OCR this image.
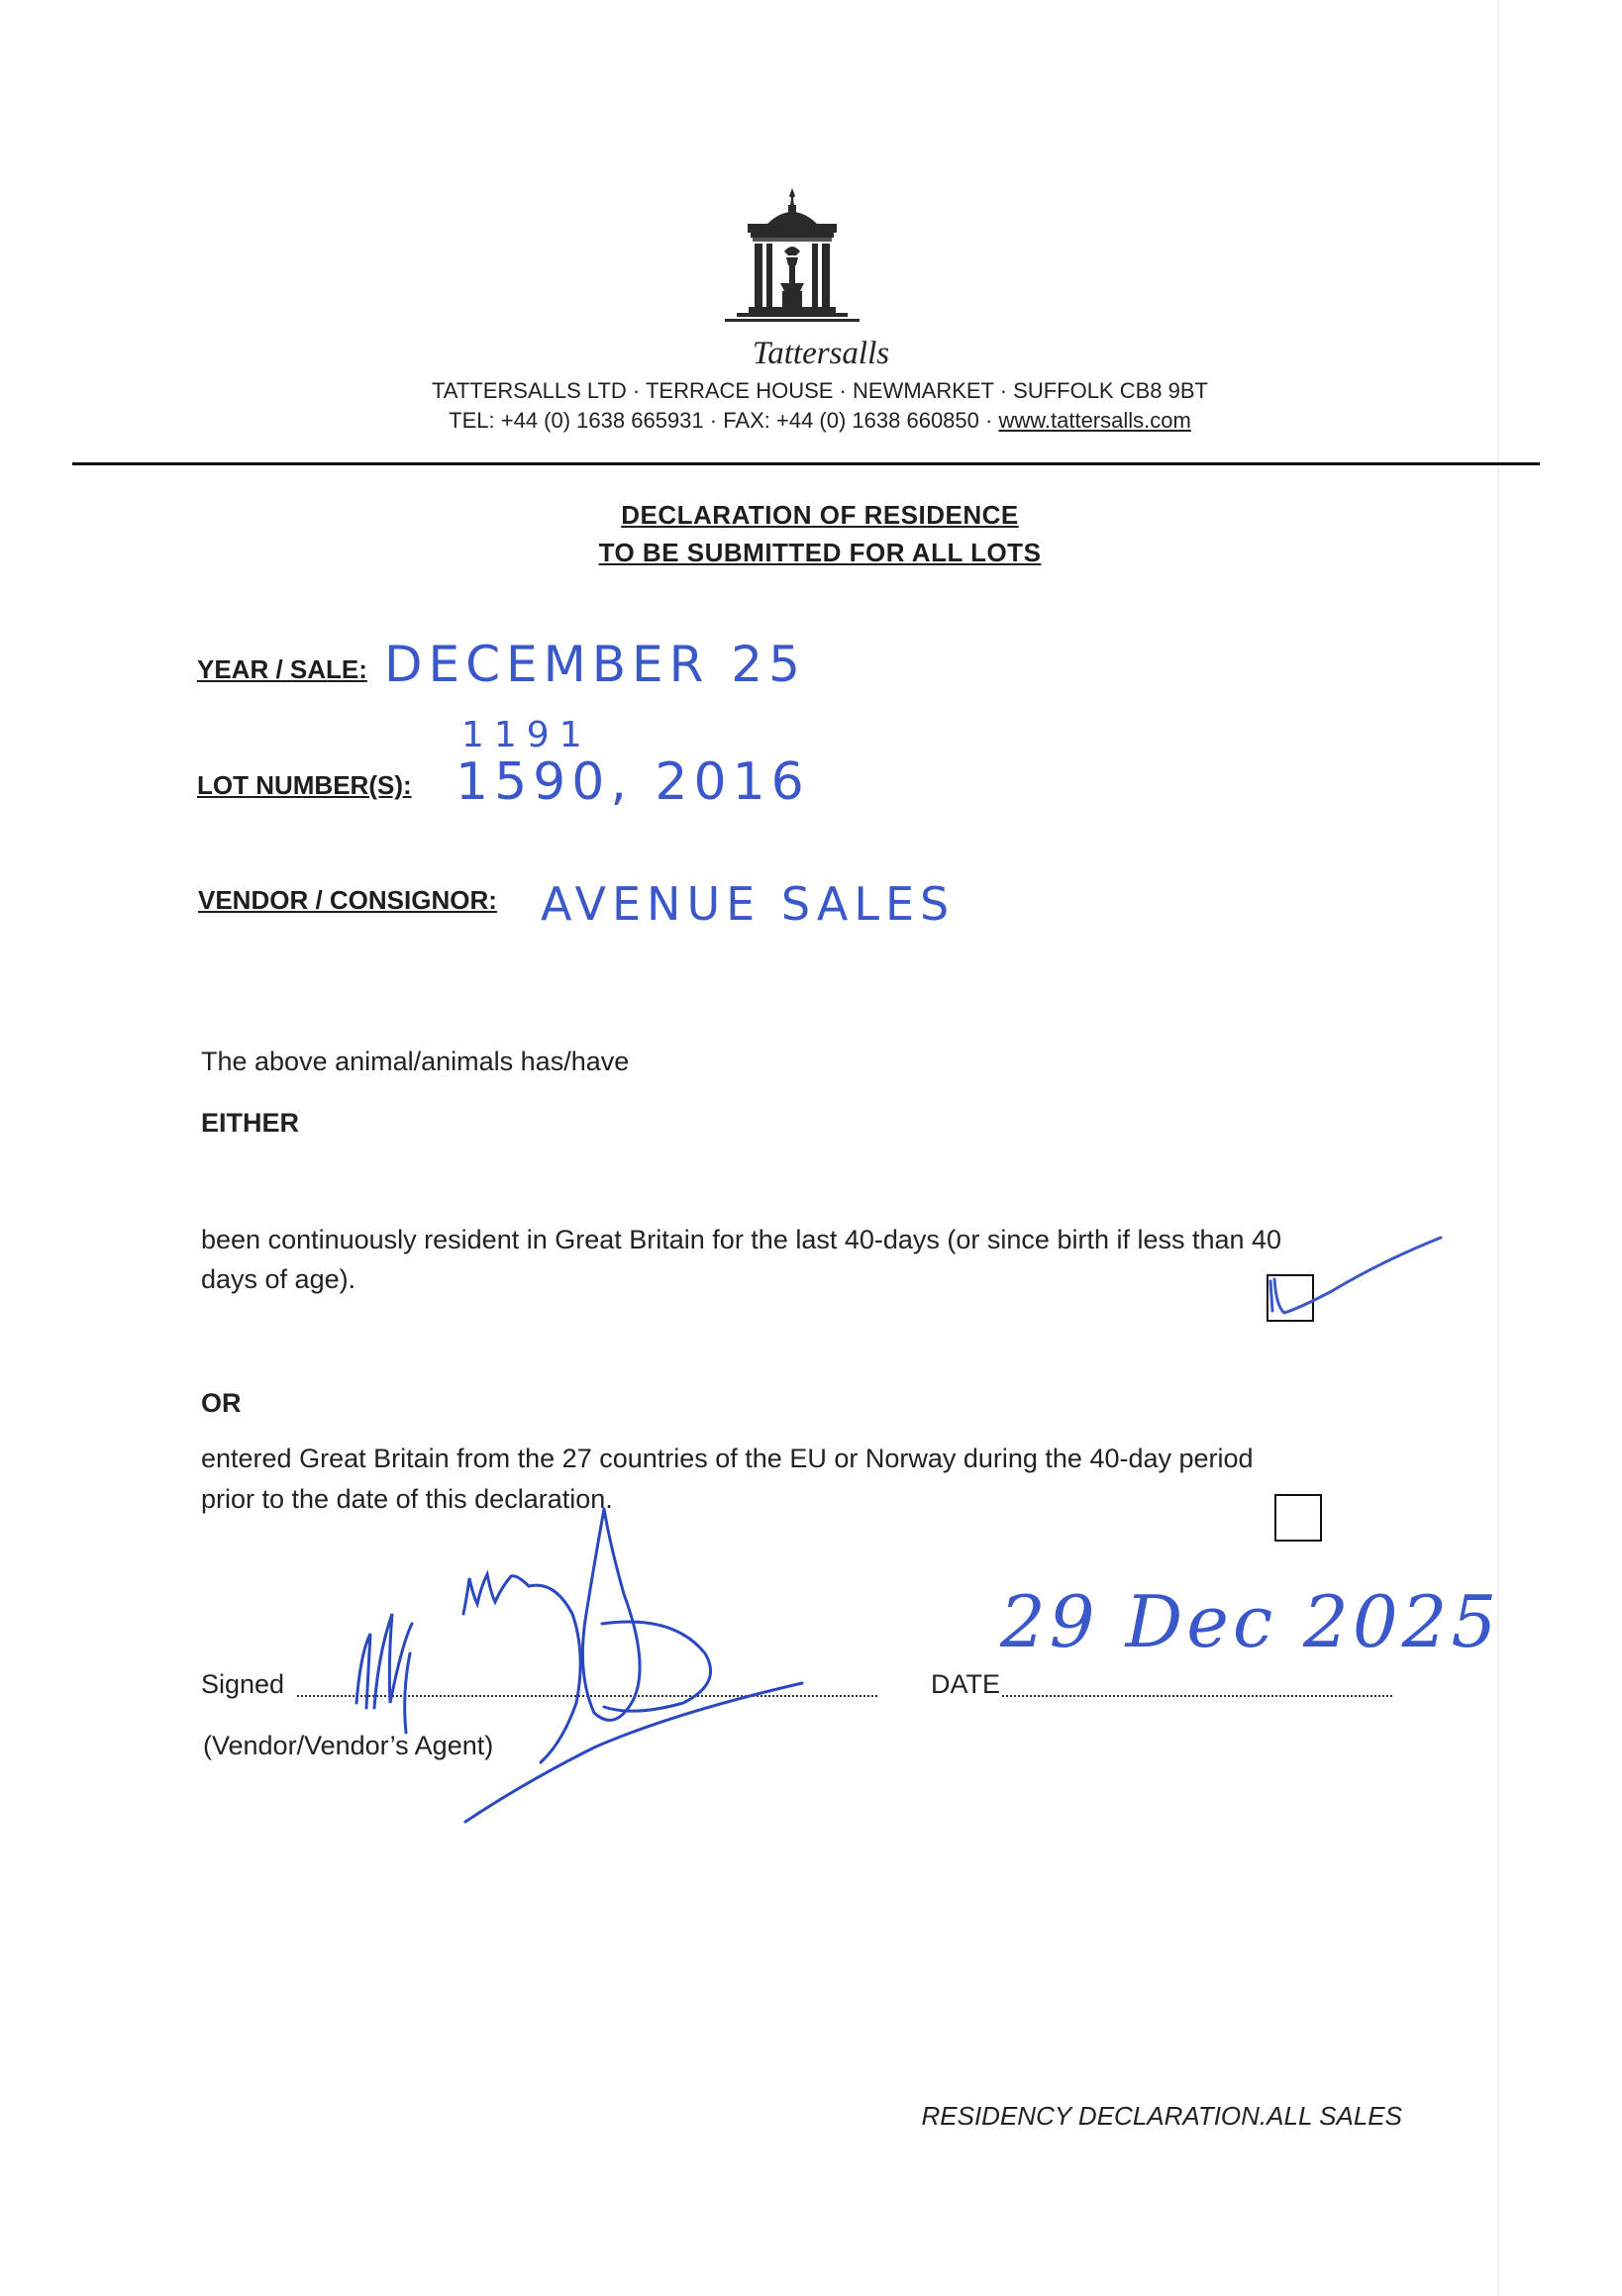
Tattersalls
TATTERSALLS LTD · TERRACE HOUSE · NEWMARKET · SUFFOLK CB8 9BT
TEL: +44 (0) 1638 665931 · FAX: +44 (0) 1638 660850 · www.tattersalls.com
DECLARATION OF RESIDENCE
TO BE SUBMITTED FOR ALL LOTS
YEAR / SALE: DECEMBER 25
1191
LOT NUMBER(S): 1590, 2016
VENDOR / CONSIGNOR: AVENUE SALES
The above animal/animals has/have
EITHER
been continuously resident in Great Britain for the last 40-days (or since birth if less than 40
days of age).
OR
entered Great Britain from the 27 countries of the EU or Norway during the 40-day period
prior to the date of this declaration.
Signed
(Vendor/Vendor’s Agent)
DATE
29 Dec 2025
RESIDENCY DECLARATION.ALL SALES
